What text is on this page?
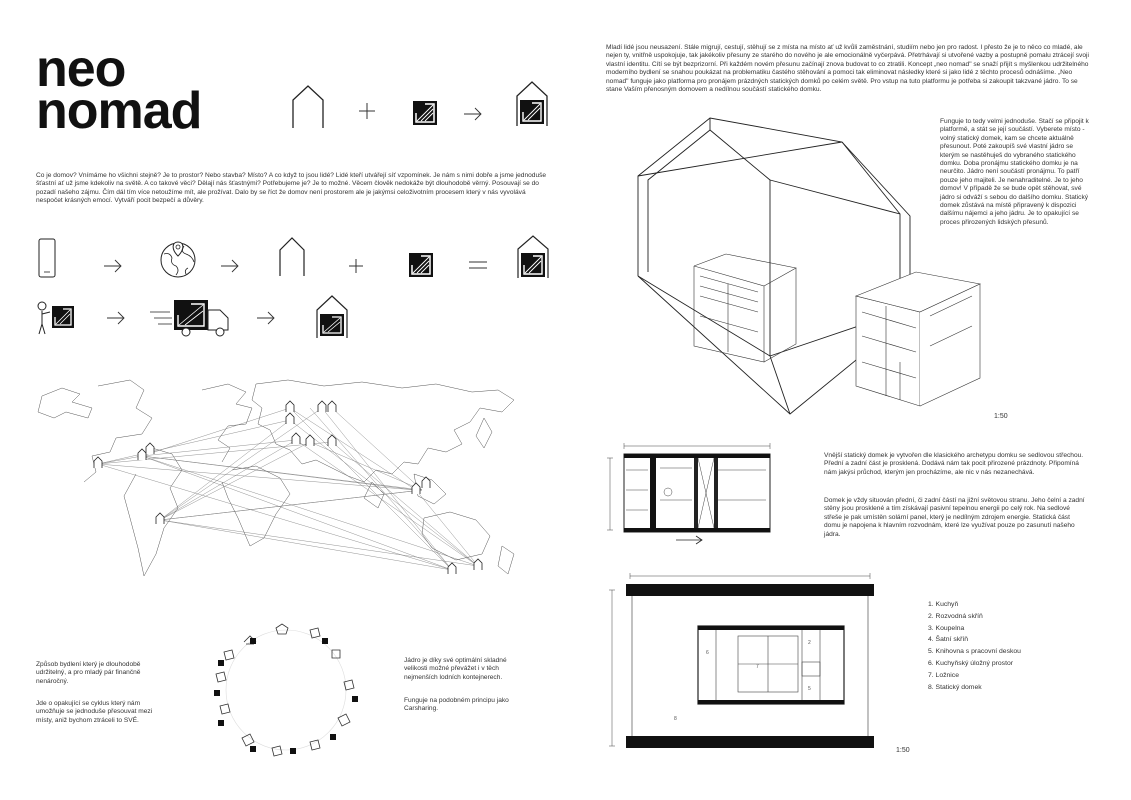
neo
nomad
Co je domov? Vnímáme ho všichni stejně? Je to prostor? Nebo stavba? Místo? A co když to jsou lidé? Lidé kteří utvářejí síť vzpomínek. Je nám s nimi dobře a jsme jednoduše šťastní ať už jsme kdekoliv na světě. A co takové věci? Dělají nás šťastnými? Potřebujeme je? Je to možné. Věcem člověk nedokáže být dlouhodobě věrný. Posouvají se do pozadí našeho zájmu. Čím dál tím více netoužíme mít, ale prožívat. Dalo by se říct že domov není prostorem ale je jakýmsi celoživotním procesem který v nás vyvolává nespočet krásných emocí. Vytváří pocit bezpečí a důvěry.
Způsob bydlení který je dlouhodobě udržitelný, a pro mladý pár finančně nenáročný.
Jde o opakující se cyklus který nám umožňuje se jednoduše přesouvat mezi místy, aniž bychom ztráceli to SVÉ.
Jádro je díky své optimální skladné velikosti možné převážet i v těch nejmenších lodních kontejnerech.
Funguje na podobném principu jako Carsharing.
Mladí lidé jsou neusazení. Stále migrují, cestují, stěhují se z místa na místo ať už kvůli zaměstnání, studiím nebo jen pro radost. I přesto že je to něco co mladé, ale nejen ty, vnitřně uspokojuje, tak jakékoliv přesuny ze starého do nového je ale emocionálně vyčerpává. Přetrhávají si utvořené vazby a postupně pomalu ztrácejí svoji vlastní identitu. Cítí se být bezprizorní. Při každém novém přesunu začínají znova budovat to co ztratili. Koncept „neo nomad" se snaží přijít s myšlenkou udržitelného moderního bydlení se snahou poukázat na problematiku častého stěhování a pomoci tak eliminovat následky které si jako lidé z těchto procesů odnášíme. „Neo nomad" funguje jako platforma pro pronájem prázdných statických domků po celém světě. Pro vstup na tuto platformu je potřeba si zakoupit takzvané jádro. To se stane Vaším přenosným domovem a nedílnou součástí statického domku.
Funguje to tedy velmi jednoduše. Stačí se připojit k platformě, a stát se její součástí. Vyberete místo - volný statický domek, kam se chcete aktuálně přesunout. Poté zakoupíš své vlastní jádro se kterým se nastěhuješ do vybraného statického domku. Doba pronájmu statického domku je na neurčito. Jádro není součástí pronájmu. To patří pouze jeho majiteli. Je nenahraditelné. Je to jeho domov! V případě že se bude opět stěhovat, své jádro si odváží s sebou do dalšího domku. Statický domek zůstává na místě připravený k dispozici dalšímu nájemci a jeho jádru. Je to opakující se proces přirozených lidských přesunů.
1:50
Vnější statický domek je vytvořen dle klasického archetypu domku se sedlovou střechou. Přední a zadní část je prosklená. Dodává nám tak pocit přirozené prázdnoty. Připomíná nám jakýsi průchod, kterým jen procházíme, ale nic v nás nezanechává.
Domek je vždy situován přední, či zadní částí na jižní světovou stranu. Jeho čelní a zadní stěny jsou prosklené a tím získávají pasivní tepelnou energii po celý rok. Na sedlové střeše je pak umístěn solární panel, který je nedílným zdrojem energie. Statická část domu je napojena k hlavním rozvodnám, které lze využívat pouze po zasunutí našeho jádra.
6
7
2
5
8
1. Kuchyň
2. Rozvodná skříň
3. Koupelna
4. Šatní skříň
5. Knihovna s pracovní deskou
6. Kuchyňský úložný prostor
7. Ložnice
8. Statický domek
1:50
